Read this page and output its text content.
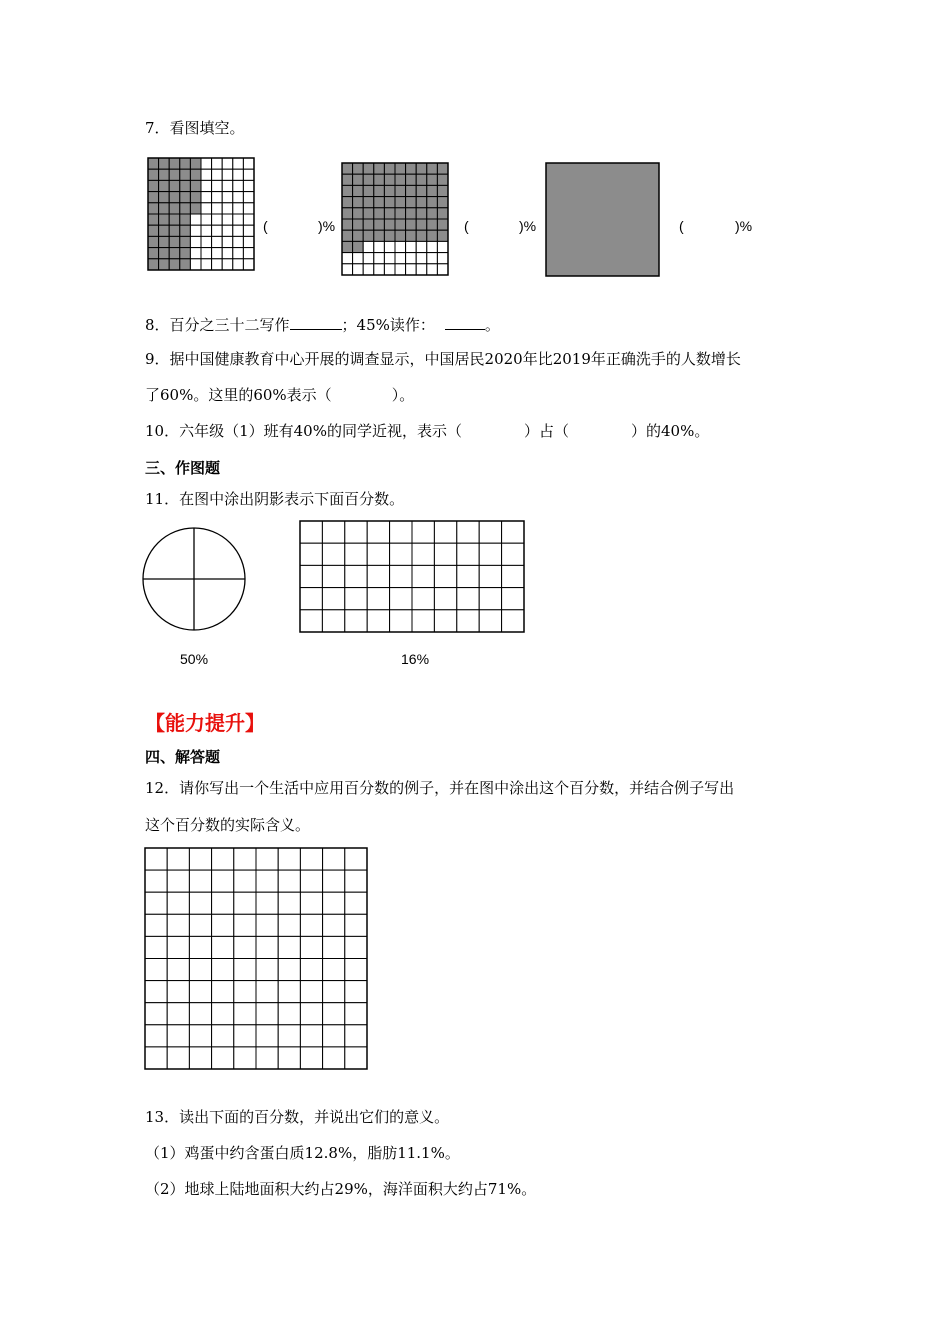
7．看图填空。
(	)%	(	)%	(	)%
8．百分之三十二写作	；45%读作：	。
9．据中国健康教育中心开展的调查显示，中国居民2020年比2019年正确洗手的人数增长
了60%。这里的60%表示（	）。
10．六年级（1）班有40%的同学近视，表示（	）占（	）的40%。
三、作图题
11．在图中涂出阴影表示下面百分数。
50%	16%
【能力提升】
四、解答题
12．请你写出一个生活中应用百分数的例子，并在图中涂出这个百分数，并结合例子写出
这个百分数的实际含义。
13．读出下面的百分数，并说出它们的意义。
（1）鸡蛋中约含蛋白质12.8%，脂肪11.1%。
（2）地球上陆地面积大约占29%，海洋面积大约占71%。
